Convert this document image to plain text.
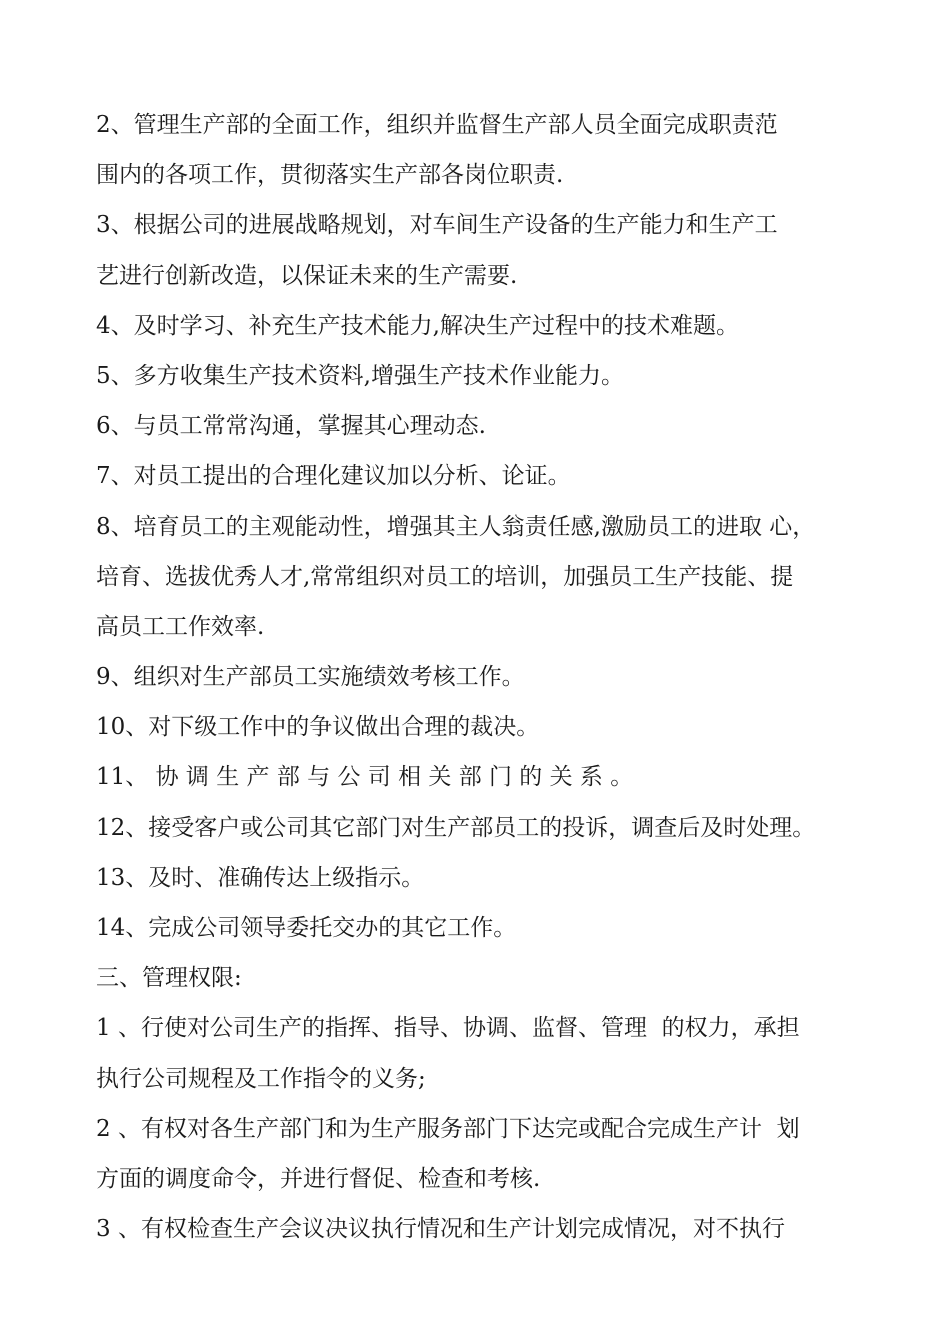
2、管理生产部的全面工作，组织并监督生产部人员全面完成职责范
围内的各项工作，贯彻落实生产部各岗位职责.
3、根据公司的进展战略规划，对车间生产设备的生产能力和生产工
艺进行创新改造，以保证未来的生产需要.
4、及时学习、补充生产技术能力,解决生产过程中的技术难题。
5、多方收集生产技术资料,增强生产技术作业能力。
6、与员工常常沟通，掌握其心理动态.
7、对员工提出的合理化建议加以分析、论证。
8、培育员工的主观能动性，增强其主人翁责任感,激励员工的进取 心，
培育、选拔优秀人才,常常组织对员工的培训，加强员工生产技能、提
高员工工作效率.
9、组织对生产部员工实施绩效考核工作。
10、对下级工作中的争议做出合理的裁决。
11、 协 调 生 产 部 与 公 司 相 关 部 门 的 关 系 。
12、接受客户或公司其它部门对生产部员工的投诉，调查后及时处理。
13、及时、准确传达上级指示。
14、完成公司领导委托交办的其它工作。
三、管理权限:
1 、行使对公司生产的指挥、指导、协调、监督、管理  的权力，承担
执行公司规程及工作指令的义务;
2 、有权对各生产部门和为生产服务部门下达完或配合完成生产计  划
方面的调度命令，并进行督促、检查和考核.
3 、有权检查生产会议决议执行情况和生产计划完成情况，对不执行
